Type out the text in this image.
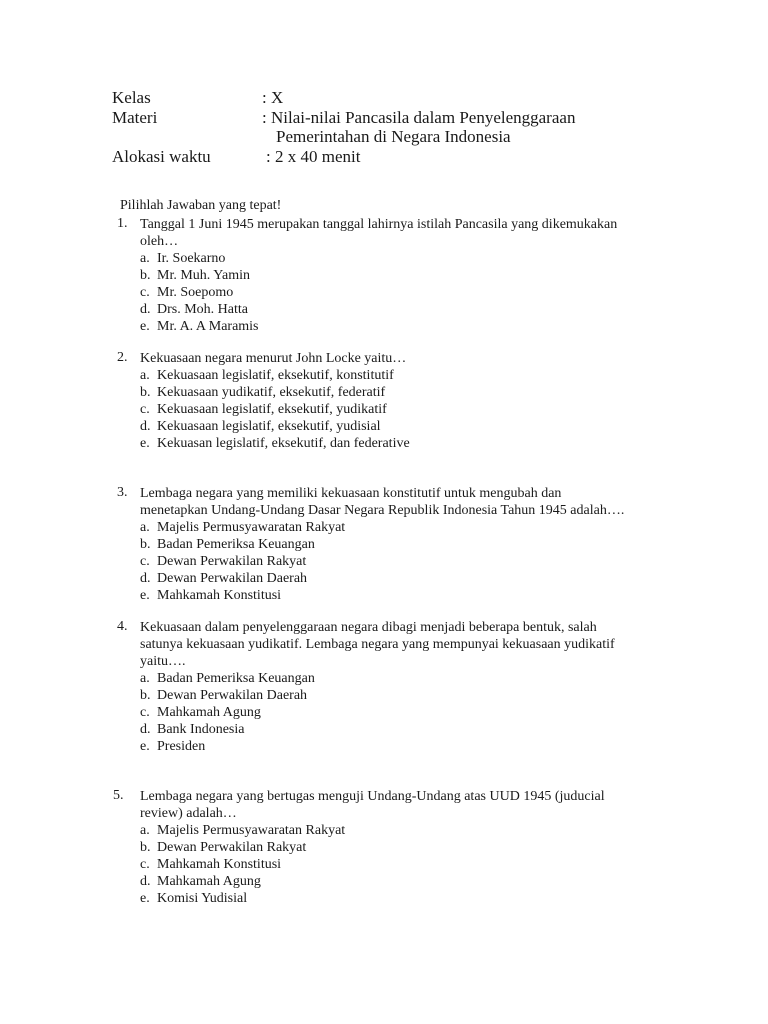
Kelas	: X
Materi	: Nilai-nilai Pancasila dalam Penyelenggaraan
Pemerintahan di Negara Indonesia
Alokasi waktu	: 2 x 40 menit
Pilihlah Jawaban yang tepat!
1. Tanggal 1 Juni 1945 merupakan tanggal lahirnya istilah Pancasila yang dikemukakan
oleh…
a. Ir. Soekarno
b. Mr. Muh. Yamin
c. Mr. Soepomo
d. Drs. Moh. Hatta
e. Mr. A. A Maramis
2. Kekuasaan negara menurut John Locke yaitu…
a. Kekuasaan legislatif, eksekutif, konstitutif
b. Kekuasaan yudikatif, eksekutif, federatif
c. Kekuasaan legislatif, eksekutif, yudikatif
d. Kekuasaan legislatif, eksekutif, yudisial
e. Kekuasan legislatif, eksekutif, dan federative
3. Lembaga negara yang memiliki kekuasaan konstitutif untuk mengubah dan
menetapkan Undang-Undang Dasar Negara Republik Indonesia Tahun 1945 adalah….
a. Majelis Permusyawaratan Rakyat
b. Badan Pemeriksa Keuangan
c. Dewan Perwakilan Rakyat
d. Dewan Perwakilan Daerah
e. Mahkamah Konstitusi
4. Kekuasaan dalam penyelenggaraan negara dibagi menjadi beberapa bentuk, salah
satunya kekuasaan yudikatif. Lembaga negara yang mempunyai kekuasaan yudikatif
yaitu….
a. Badan Pemeriksa Keuangan
b. Dewan Perwakilan Daerah
c. Mahkamah Agung
d. Bank Indonesia
e. Presiden
5. Lembaga negara yang bertugas menguji Undang-Undang atas UUD 1945 (juducial
review) adalah…
a. Majelis Permusyawaratan Rakyat
b. Dewan Perwakilan Rakyat
c. Mahkamah Konstitusi
d. Mahkamah Agung
e. Komisi Yudisial
